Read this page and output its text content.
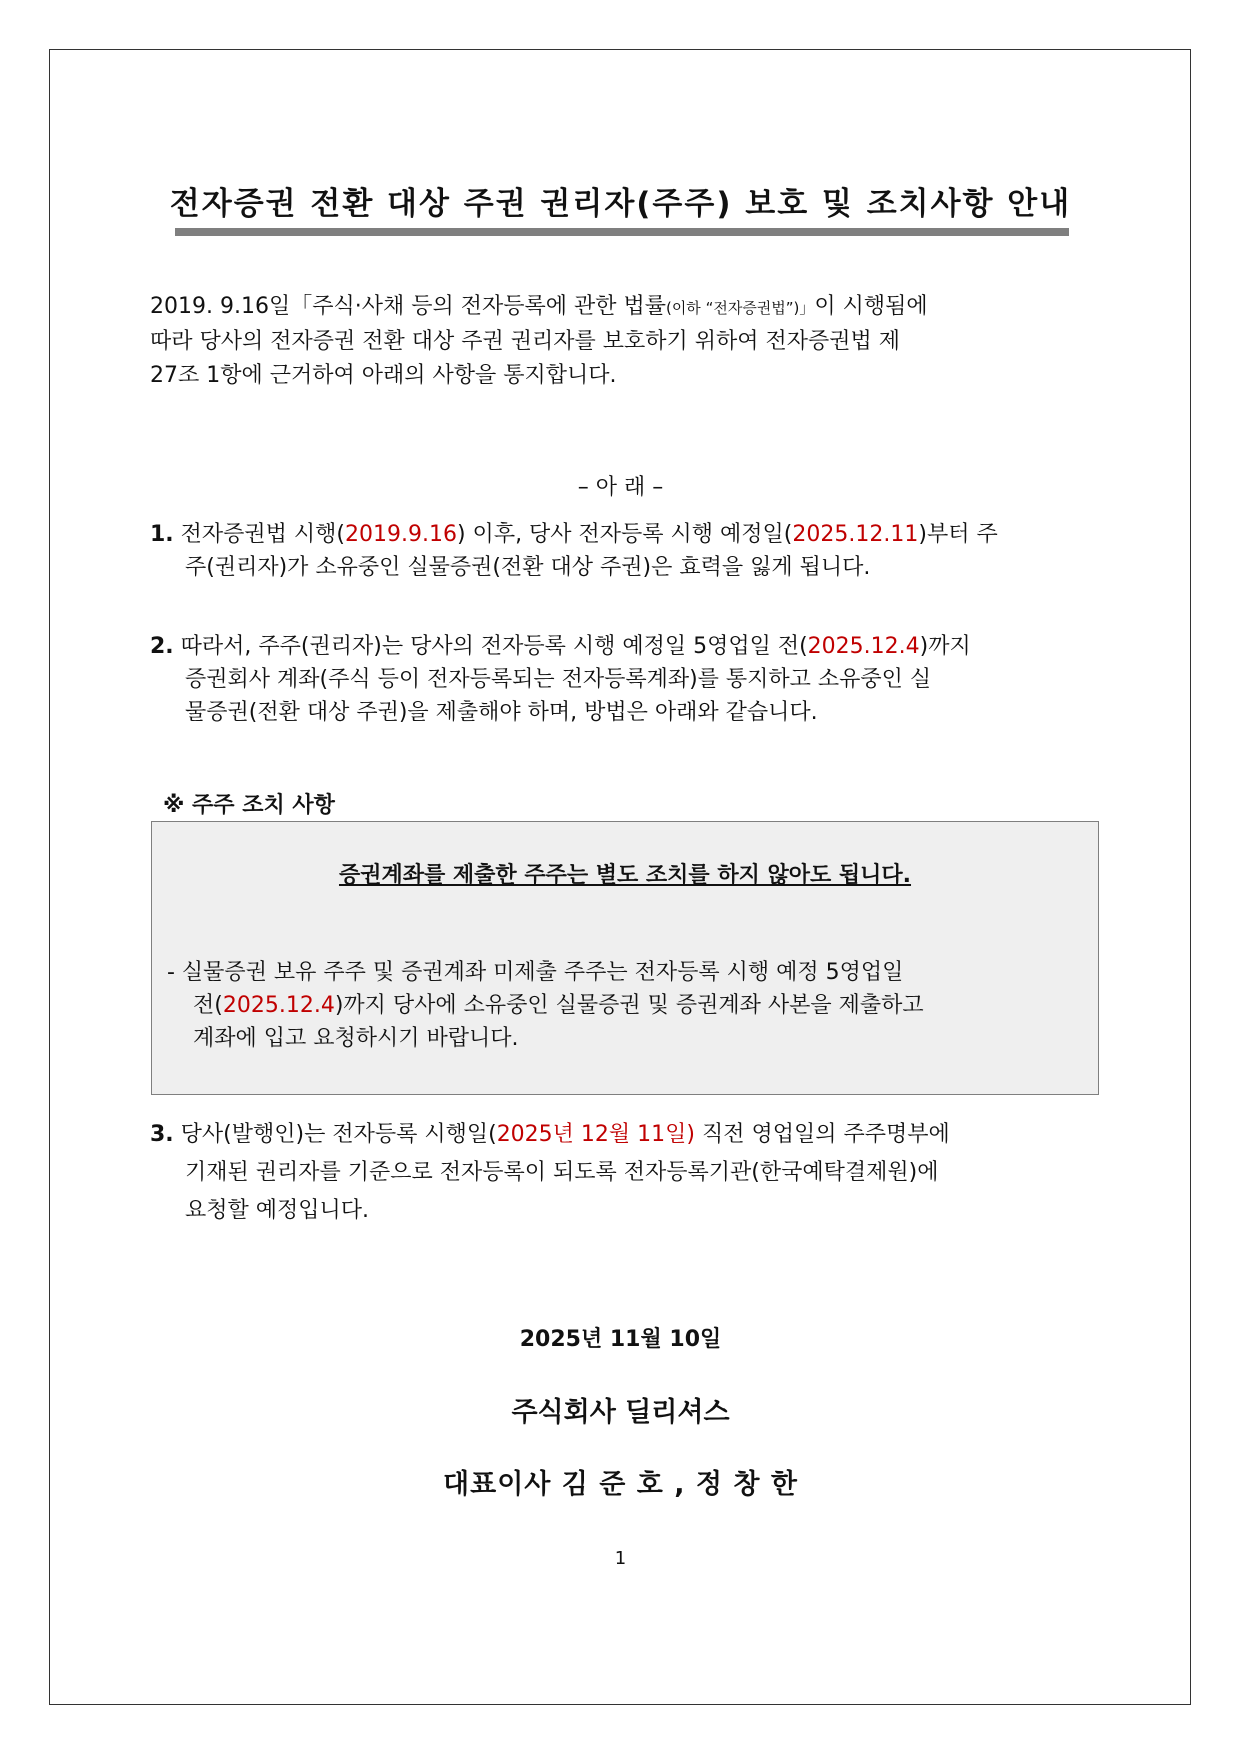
전자증권 전환 대상 주권 권리자(주주) 보호 및 조치사항 안내
2019. 9.16일「주식·사채 등의 전자등록에 관한 법률(이하 “전자증권법”)」이 시행됨에
따라 당사의 전자증권 전환 대상 주권 권리자를 보호하기 위하여 전자증권법 제
27조 1항에 근거하여 아래의 사항을 통지합니다.
– 아 래 –
1. 전자증권법 시행(2019.9.16) 이후, 당사 전자등록 시행 예정일(2025.12.11)부터 주
주(권리자)가 소유중인 실물증권(전환 대상 주권)은 효력을 잃게 됩니다.
2. 따라서, 주주(권리자)는 당사의 전자등록 시행 예정일 5영업일 전(2025.12.4)까지
증권회사 계좌(주식 등이 전자등록되는 전자등록계좌)를 통지하고 소유중인 실
물증권(전환 대상 주권)을 제출해야 하며, 방법은 아래와 같습니다.
※ 주주 조치 사항
증권계좌를 제출한 주주는 별도 조치를 하지 않아도 됩니다.
- 실물증권 보유 주주 및 증권계좌 미제출 주주는 전자등록 시행 예정 5영업일
전(2025.12.4)까지 당사에 소유중인 실물증권 및 증권계좌 사본을 제출하고
계좌에 입고 요청하시기 바랍니다.
3. 당사(발행인)는 전자등록 시행일(2025년 12월 11일) 직전 영업일의 주주명부에
기재된 권리자를 기준으로 전자등록이 되도록 전자등록기관(한국예탁결제원)에
요청할 예정입니다.
2025년 11월 10일
주식회사 딜리셔스
대표이사 김 준 호 , 정 창 한
1
